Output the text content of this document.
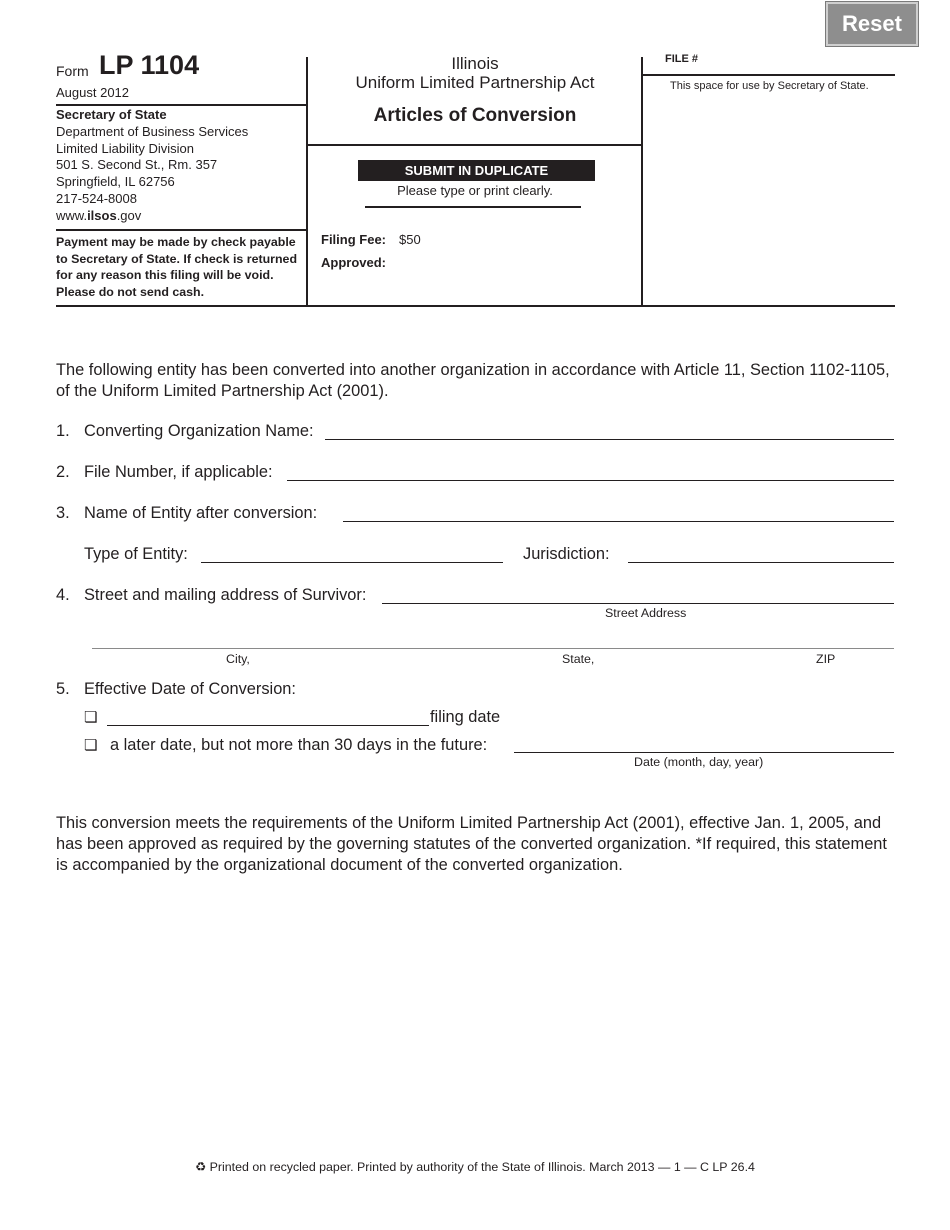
Reset
Form LP 1104
August 2012
Secretary of State
Department of Business Services
Limited Liability Division
501 S. Second St., Rm. 357
Springfield, IL 62756
217-524-8008
www.ilsos.gov
Payment may be made by check payable to Secretary of State. If check is returned for any reason this filing will be void. Please do not send cash.
Illinois
Uniform Limited Partnership Act
Articles of Conversion
SUBMIT IN DUPLICATE
Please type or print clearly.
Filing Fee: $50
Approved:
FILE #
This space for use by Secretary of State.
The following entity has been converted into another organization in accordance with Article 11, Section 1102-1105, of the Uniform Limited Partnership Act (2001).
1. Converting Organization Name:
2. File Number, if applicable:
3. Name of Entity after conversion:
Type of Entity:	Jurisdiction:
4. Street and mailing address of Survivor:
Street Address
City,	State,	ZIP
5. Effective Date of Conversion:
❏	filing date
❏ a later date, but not more than 30 days in the future:
Date (month, day, year)
This conversion meets the requirements of the Uniform Limited Partnership Act (2001), effective Jan. 1, 2005, and has been approved as required by the governing statutes of the converted organization. *If required, this statement is accompanied by the organizational document of the converted organization.
♻ Printed on recycled paper. Printed by authority of the State of Illinois. March 2013 — 1 — C LP 26.4
